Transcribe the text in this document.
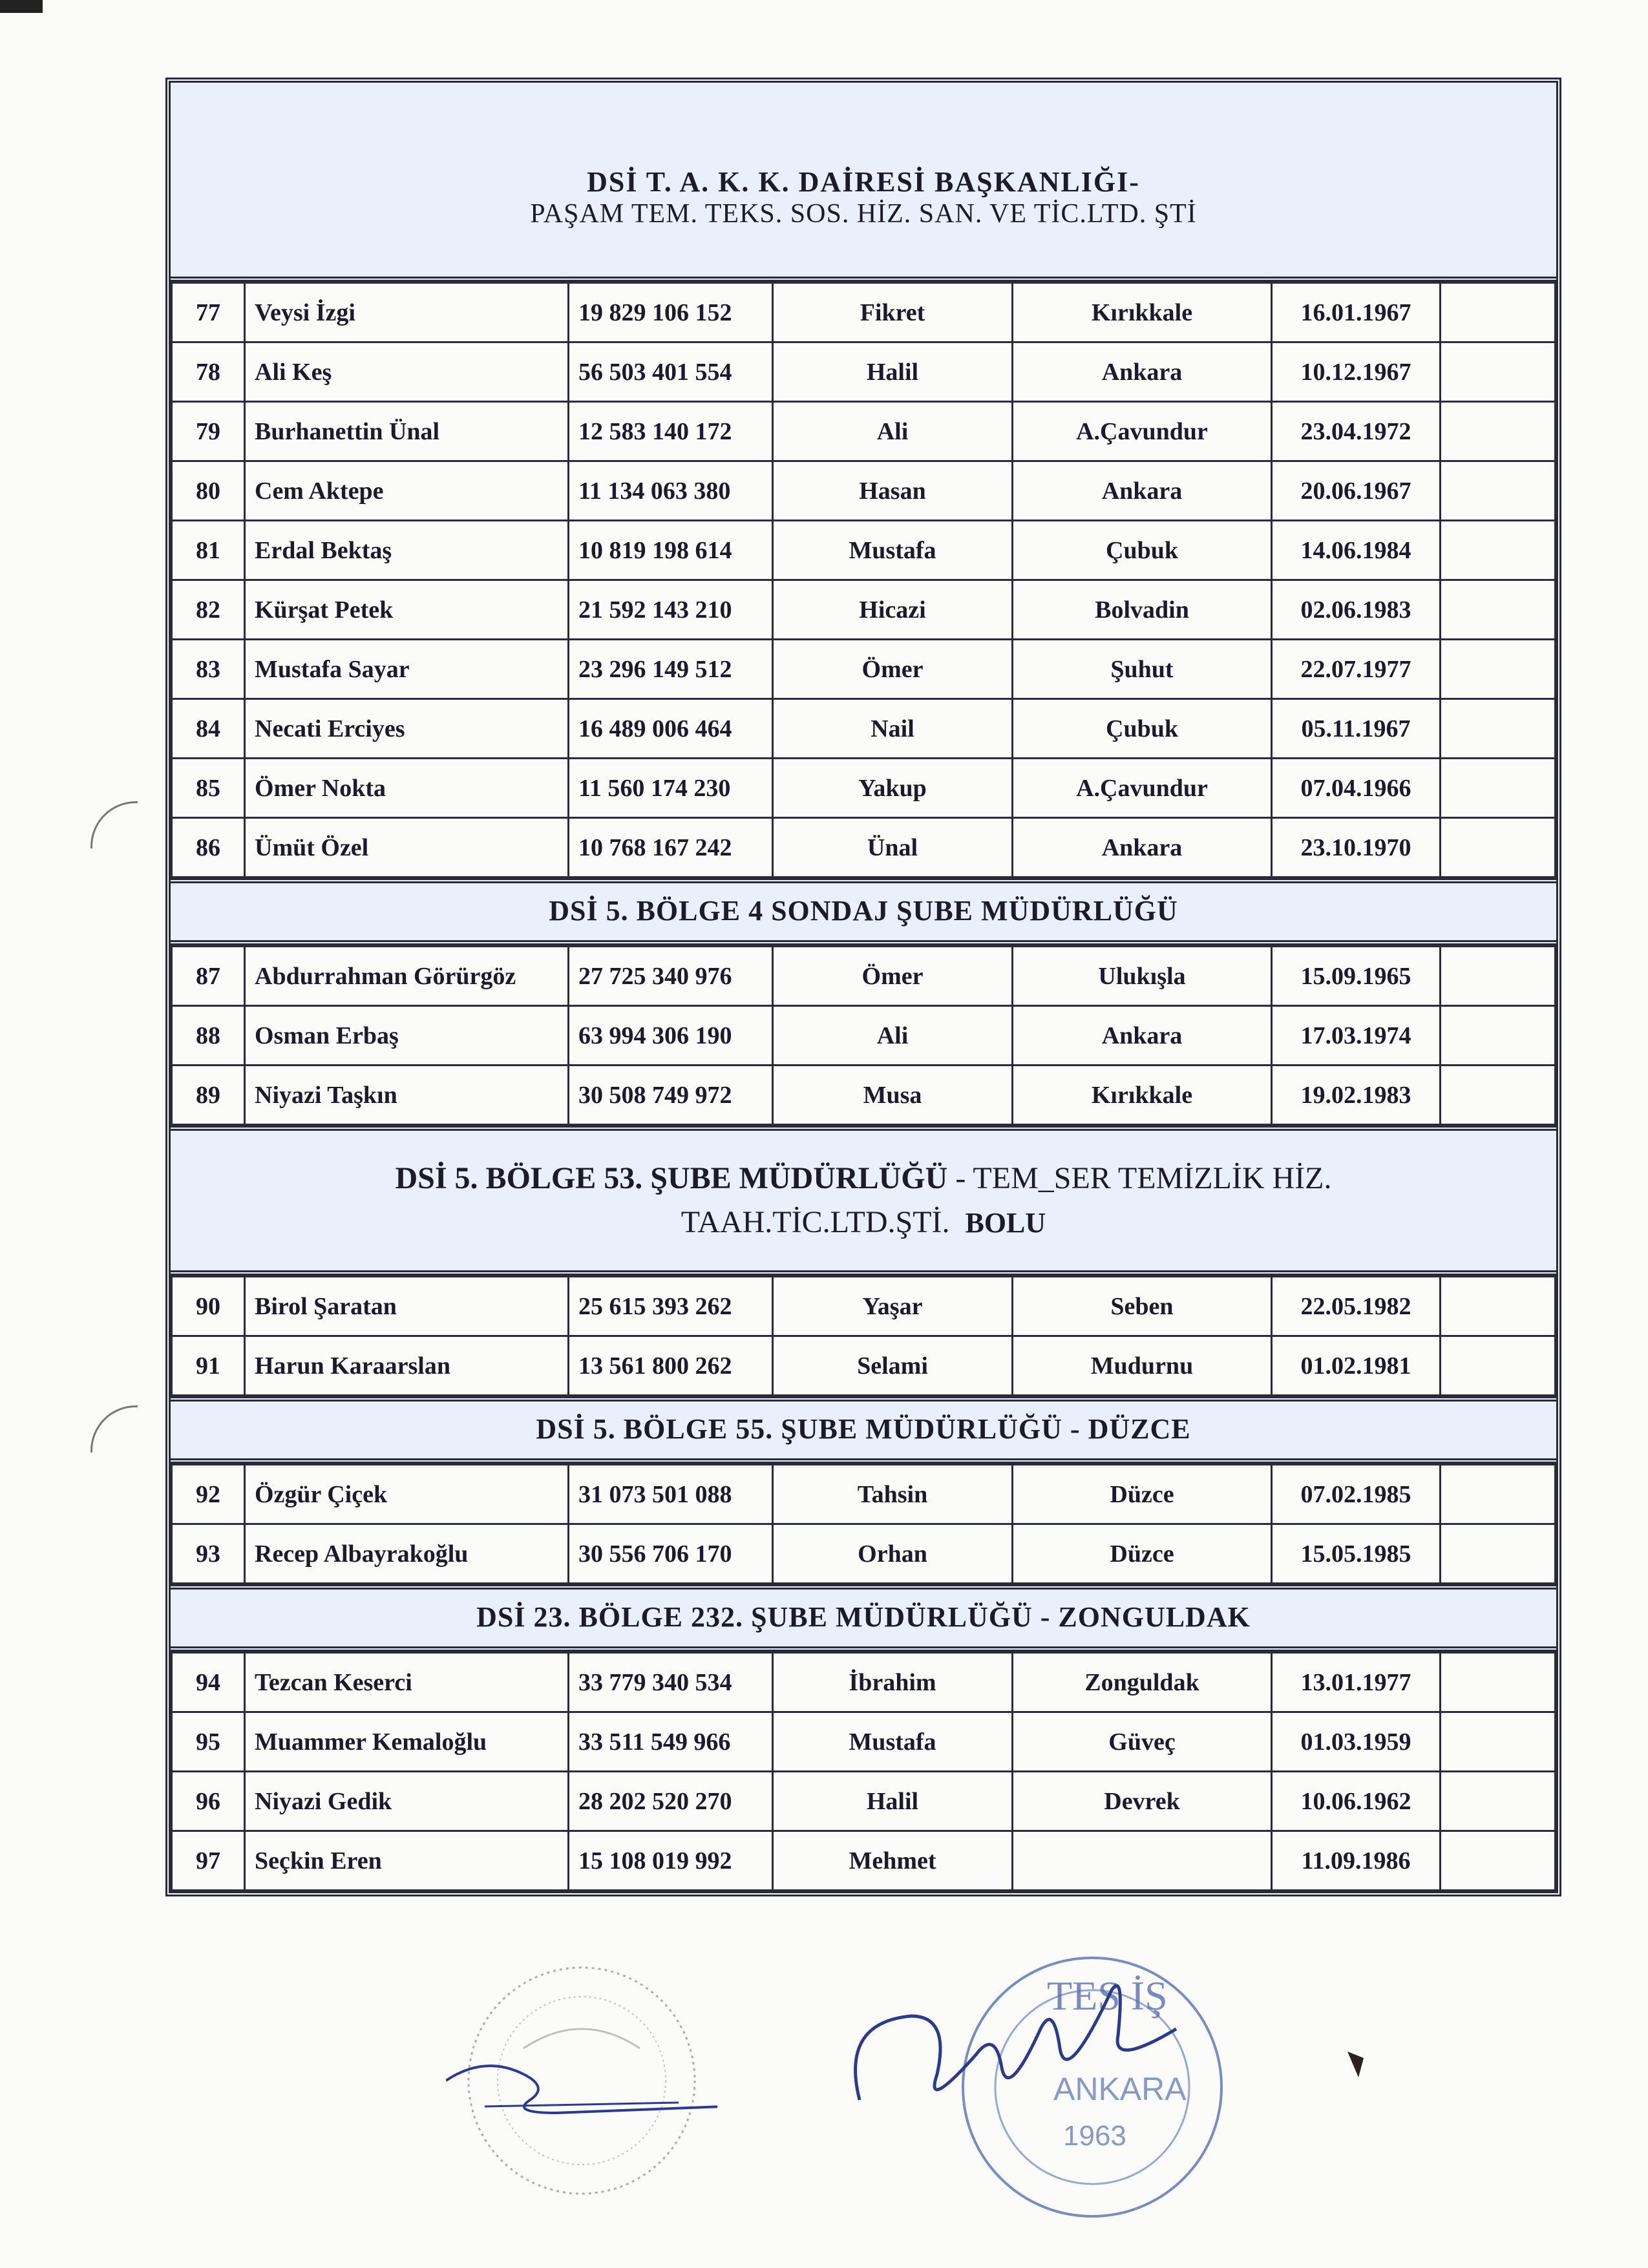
DSİ T. A. K. K. DAİRESİ BAŞKANLIĞI-
PAŞAM TEM. TEKS. SOS. HİZ. SAN. VE TİC.LTD. ŞTİ
77	Veysi İzgi	19 829 106 152	Fikret	Kırıkkale	16.01.1967	
78	Ali Keş	56 503 401 554	Halil	Ankara	10.12.1967	
79	Burhanettin Ünal	12 583 140 172	Ali	A.Çavundur	23.04.1972	
80	Cem Aktepe	11 134 063 380	Hasan	Ankara	20.06.1967	
81	Erdal Bektaş	10 819 198 614	Mustafa	Çubuk	14.06.1984	
82	Kürşat Petek	21 592 143 210	Hicazi	Bolvadin	02.06.1983	
83	Mustafa Sayar	23 296 149 512	Ömer	Şuhut	22.07.1977	
84	Necati Erciyes	16 489 006 464	Nail	Çubuk	05.11.1967	
85	Ömer Nokta	11 560 174 230	Yakup	A.Çavundur	07.04.1966	
86	Ümüt Özel	10 768 167 242	Ünal	Ankara	23.10.1970	
DSİ 5. BÖLGE 4 SONDAJ ŞUBE MÜDÜRLÜĞÜ
87	Abdurrahman Görürgöz	27 725 340 976	Ömer	Ulukışla	15.09.1965	
88	Osman Erbaş	63 994 306 190	Ali	Ankara	17.03.1974	
89	Niyazi Taşkın	30 508 749 972	Musa	Kırıkkale	19.02.1983	
DSİ 5. BÖLGE 53. ŞUBE MÜDÜRLÜĞÜ - TEM_SER TEMİZLİK HİZ.
TAAH.TİC.LTD.ŞTİ. BOLU
90	Birol Şaratan	25 615 393 262	Yaşar	Seben	22.05.1982	
91	Harun Karaarslan	13 561 800 262	Selami	Mudurnu	01.02.1981	
DSİ 5. BÖLGE 55. ŞUBE MÜDÜRLÜĞÜ - DÜZCE
92	Özgür Çiçek	31 073 501 088	Tahsin	Düzce	07.02.1985	
93	Recep Albayrakoğlu	30 556 706 170	Orhan	Düzce	15.05.1985	
DSİ 23. BÖLGE 232. ŞUBE MÜDÜRLÜĞÜ - ZONGULDAK
94	Tezcan Keserci	33 779 340 534	İbrahim	Zonguldak	13.01.1977	
95	Muammer Kemaloğlu	33 511 549 966	Mustafa	Güveç	01.03.1959	
96	Niyazi Gedik	28 202 520 270	Halil	Devrek	10.06.1962	
97	Seçkin Eren	15 108 019 992	Mehmet		11.09.1986	
TES İŞ
ANKARA
1963
